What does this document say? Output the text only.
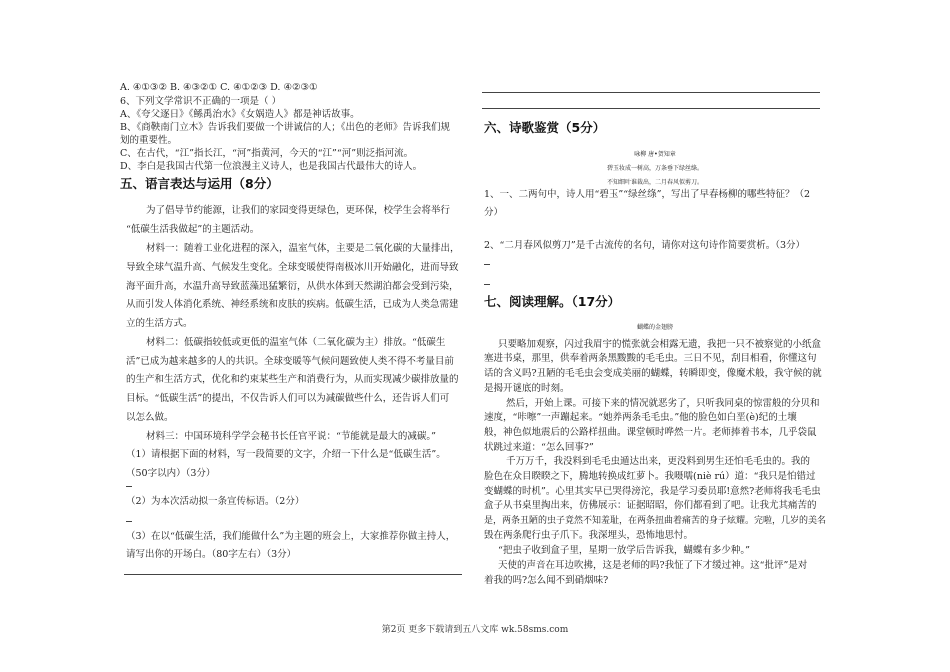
A. ④①③② B. ④③②① C. ④①②③ D. ④②③①
6、下列文学常识不正确的一项是（ ）
A、《夸父逐日》《鲧禹治水》《女娲造人》都是神话故事。
B、《商鞅南门立木》告诉我们要做一个讲诚信的人；《出色的老师》告诉我们规
划的重要性。
C、在古代，“江”指长江，“河”指黄河，今天的“江”“河”则泛指河流。
D、李白是我国古代第一位浪漫主义诗人，也是我国古代最伟大的诗人。
五、语言表达与运用（8分）
为了倡导节约能源，让我们的家园变得更绿色，更环保，校学生会将举行
“低碳生活我做起”的主题活动。
材料一：随着工业化进程的深入，温室气体，主要是二氧化碳的大量排出，
导致全球气温升高、气候发生变化。全球变暖使得南极冰川开始融化，进而导致
海平面升高，水温升高导致蓝藻迅猛繁衍，从供水体到天然湖泊都会受到污染，
从而引发人体消化系统、神经系统和皮肤的疾病。低碳生活，已成为人类急需建
立的生活方式。
材料二：低碳指较低或更低的温室气体（二氧化碳为主）排放。“低碳生
活”已成为越来越多的人的共识。全球变暖等气候问题致使人类不得不考量目前
的生产和生活方式，优化和约束某些生产和消费行为，从而实现减少碳排放量的
目标。“低碳生活”的提出，不仅告诉人们可以为减碳做些什么，还告诉人们可
以怎么做。
材料三：中国环境科学学会秘书长任官平说：“节能就是最大的减碳。”
（1）请根据下面的材料，写一段简要的文字，介绍一下什么是“低碳生活”。
（50字以内）（3分）
（2）为本次活动拟一条宣传标语。（2分）
（3）在以“低碳生活，我们能做什么”为主题的班会上，大家推荐你做主持人，
请写出你的开场白。（80字左右）（3分）
六、诗歌鉴赏（5分）
咏柳 唐•贺知章
碧玉妆成一树高，万条垂下绿丝绦。
不知细叶谁裁出，二月春风似剪刀。
1、一、二两句中，诗人用“碧玉”“绿丝绦”，写出了早春杨柳的哪些特征？（2
分）
2、“二月春风似剪刀”是千古流传的名句，请你对这句诗作简要赏析。（3分）
七、阅读理解。（17分）
蝴蝶的金翅膀
只要略加观察，闪过我眉宇的慌张就会相露无遗，我把一只不被察觉的小纸盒
塞进书桌，那里，供奉着两条黑黢黢的毛毛虫。三日不见，刮目相看，你懂这句
话的含义吗?丑陋的毛毛虫会变成美丽的蝴蝶，转瞬即变，像魔术般，我守候的就
是揭开谜底的时刻。
然后，开始上课。可接下来的情况就恶劣了，只听我同桌的惊雷般的分贝和
速度，“咔嚓”一声蹦起来。“她养两条毛毛虫。”他的脸色如白垩(è)纪的土壤
般，神色似地震后的公路样扭曲。课堂顿时哗然一片。老师捧着书本，几乎袋鼠
状跳过来道：“怎么回事?”
千万万千，我没料到毛毛虫遁达出来，更没料到男生还怕毛毛虫的。我的
脸色在众目睽睽之下，腾地转换成红萝卜。我嗫嚅(niè rú）道：“我只是怕错过
变蝴蝶的时机”。心里其实早已哭得滂沱，我是学习委员耶!意然?老师将我毛毛虫
盒子从书桌里掏出来，仿佛展示：证据昭昭，你们都看到了吧。让我尤其痛苦的
是，两条丑陋的虫子竟然不知羞耻，在两条扭曲着痛苦的身子炫耀。完啦，几岁的美名
毁在两条爬行虫子爪下。我深埋头，恐怖地思忖。
“把虫子收到盒子里，星期一放学后告诉我，蝴蝶有多少种。”
天使的声音在耳边吹拂，这是老师的吗?我怔了下才缓过神。这“批评”是对
着我的吗?怎么闻不到硝烟味?
第2页 更多下载请到五八文库 wk.58sms.com
